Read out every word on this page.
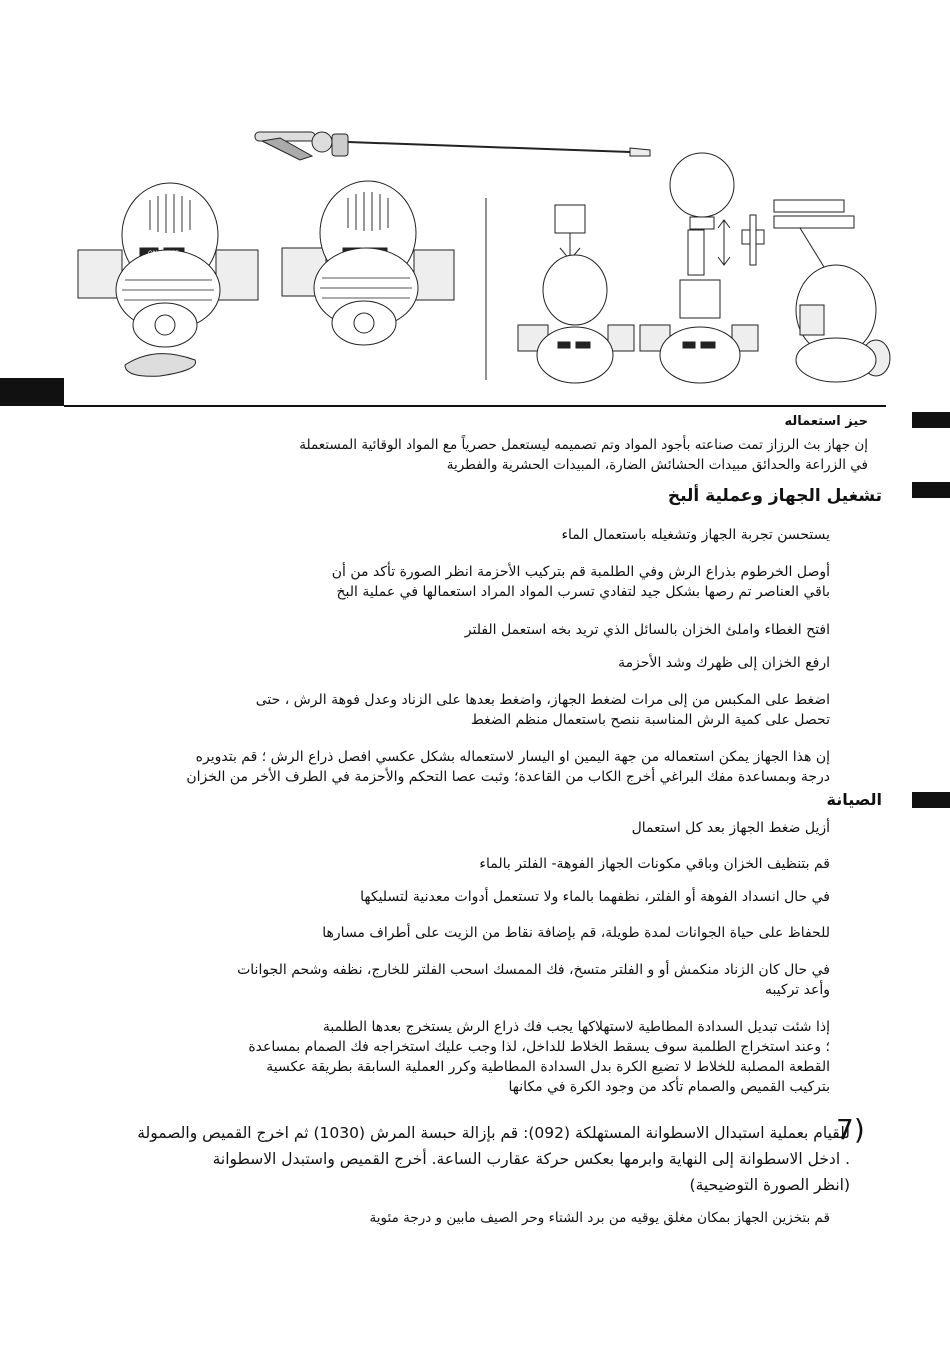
ON OFF
حيز استعماله
إن جهاز بث الرزاز تمت صناعته بأجود المواد وتم تصميمه ليستعمل حصرياً مع المواد الوقائية المستعملة
في الزراعة والحدائق مبيدات الحشائش الضارة، المبيدات الحشرية والفطرية
تشغيل الجهاز وعملية ألبخ
يستحسن تجربة الجهاز وتشغيله باستعمال الماء
أوصل الخرطوم بذراع الرش وفي الطلمبة قم بتركيب الأحزمة انظر الصورة تأكد من أن
باقي العناصر تم رصها بشكل جيد لتفادي تسرب المواد المراد استعمالها في عملية البخ
افتح الغطاء واملئ الخزان بالسائل الذي تريد بخه استعمل الفلتر
ارفع الخزان إلى ظهرك وشد الأحزمة
اضغط على المكبس من إلى مرات لضغط الجهاز، واضغط بعدها على الزناد وعدل فوهة الرش ، حتى
تحصل على كمية الرش المناسبة ننصح باستعمال منظم الضغط
إن هذا الجهاز يمكن استعماله من جهة اليمين او اليسار لاستعماله بشكل عكسي افصل ذراع الرش ؛ قم بتدويره
درجة وبمساعدة مفك البراغي أخرج الكاب من القاعدة؛ وثبت عصا التحكم والأحزمة في الطرف الأخر من الخزان
الصيانة
أزيل ضغط الجهاز بعد كل استعمال
قم بتنظيف الخزان وباقي مكونات الجهاز الفوهة- الفلتر بالماء
في حال انسداد الفوهة أو الفلتر، نظفهما بالماء ولا تستعمل أدوات معدنية لتسليكها
للحفاظ على حياة الجوانات لمدة طويلة، قم بإضافة نقاط من الزيت على أطراف مسارها
في حال كان الزناد منكمش أو و الفلتر متسخ، فك الممسك اسحب الفلتر للخارج، نظفه وشحم الجوانات
وأعد تركيبه
إذا شئت تبديل السدادة المطاطية لاستهلاكها يجب فك ذراع الرش يستخرج بعدها الطلمبة
؛ وعند استخراج الطلمبة سوف يسقط الخلاط للداخل، لذا وجب عليك استخراجه فك الصمام بمساعدة
القطعة المصلبة للخلاط لا تضيع الكرة بدل السدادة المطاطية وكرر العملية السابقة بطريقة عكسية
بتركيب القميص والصمام تأكد من وجود الكرة في مكانها
7)
للقيام بعملية استبدال الاسطوانة المستهلكة (092): قم بإزالة حبسة المرش (1030) ثم اخرج القميص والصمولة
. ادخل الاسطوانة إلى النهاية وابرمها بعكس حركة عقارب الساعة. أخرج القميص واستبدل الاسطوانة
(انظر الصورة التوضيحية)
قم بتخزين الجهاز بمكان مغلق يوقيه من برد الشتاء وحر الصيف مابين و درجة مئوية
